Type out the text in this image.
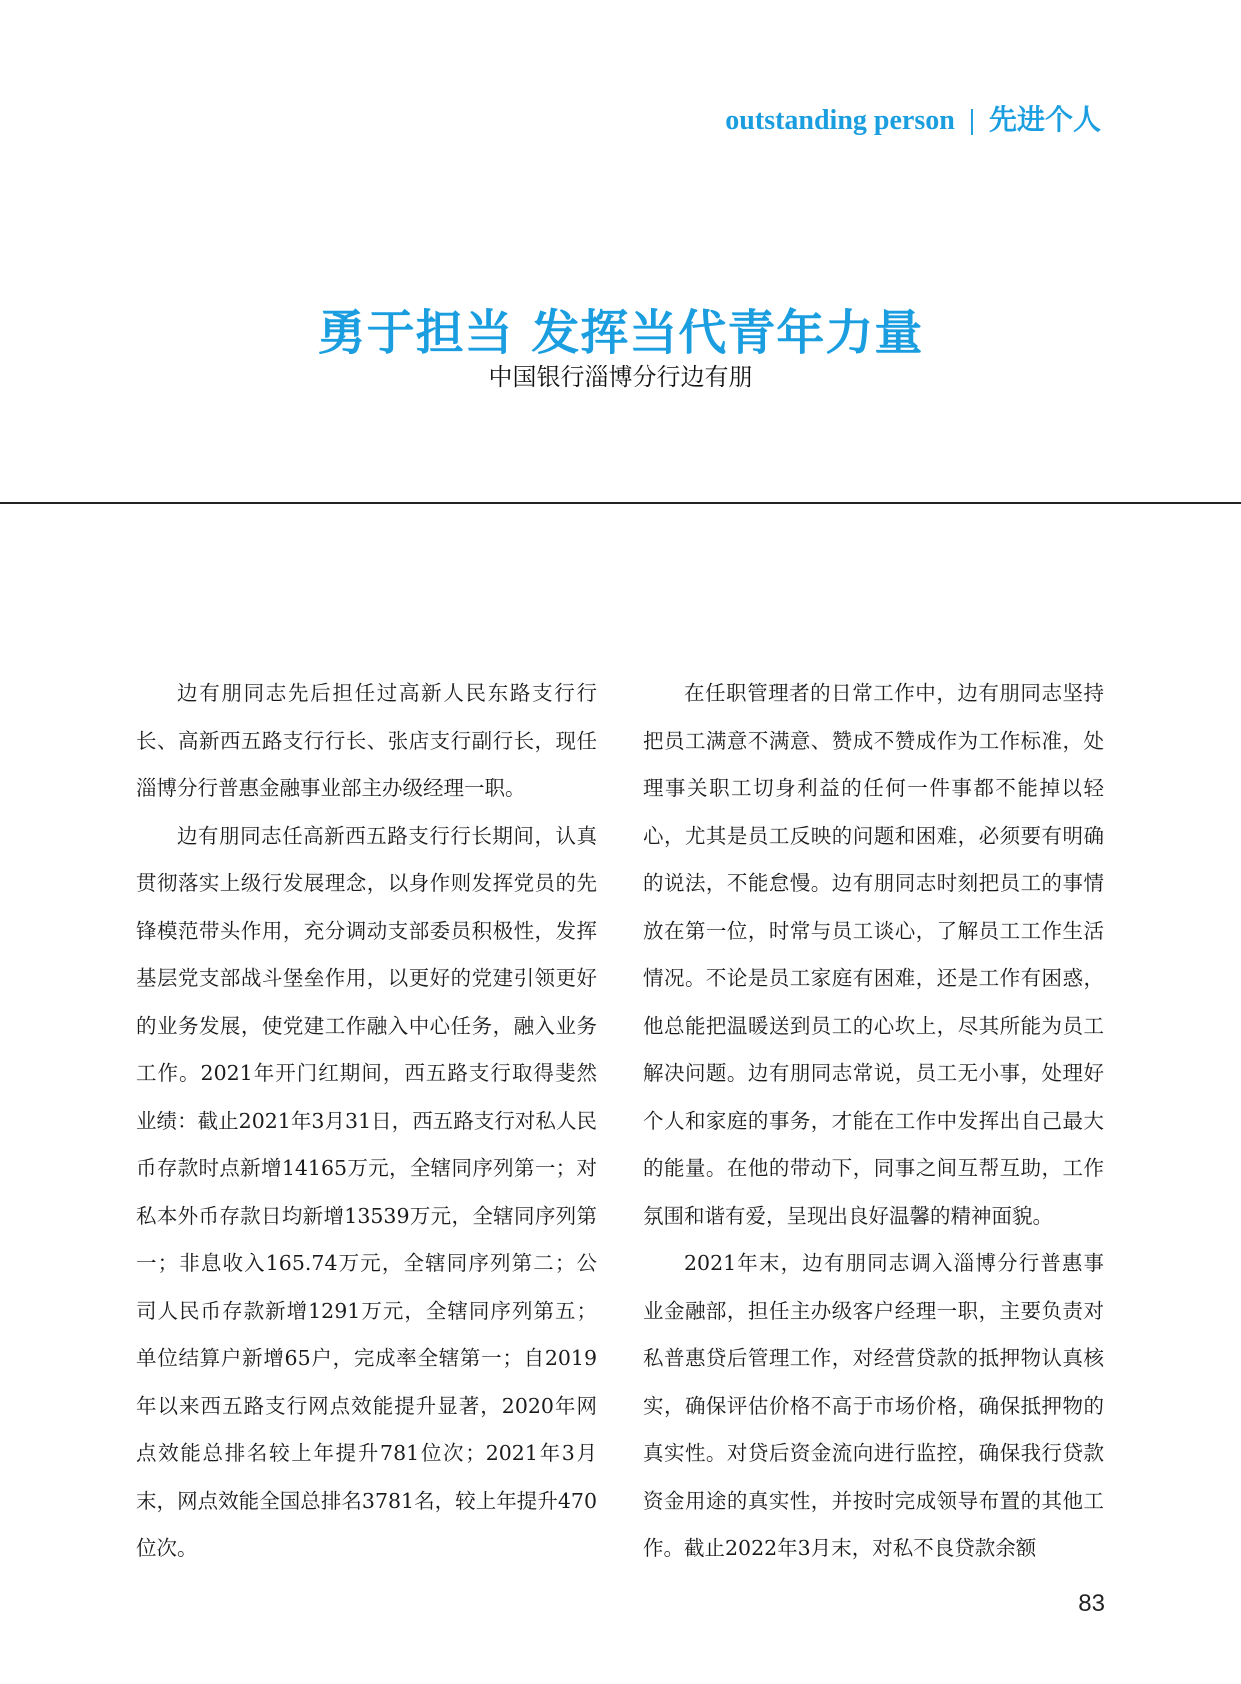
outstanding person | 先进个人
勇于担当 发挥当代青年力量
中国银行淄博分行边有朋

边有朋同志先后担任过高新人民东路支行行长、高新西五路支行行长、张店支行副行长，现任淄博分行普惠金融事业部主办级经理一职。

边有朋同志任高新西五路支行行长期间，认真贯彻落实上级行发展理念，以身作则发挥党员的先锋模范带头作用，充分调动支部委员积极性，发挥基层党支部战斗堡垒作用，以更好的党建引领更好的业务发展，使党建工作融入中心任务，融入业务工作。2021年开门红期间，西五路支行取得斐然业绩：截止2021年3月31日，西五路支行对私人民币存款时点新增14165万元，全辖同序列第一；对私本外币存款日均新增13539万元，全辖同序列第一；非息收入165.74万元，全辖同序列第二；公司人民币存款新增1291万元，全辖同序列第五；单位结算户新增65户，完成率全辖第一；自2019年以来西五路支行网点效能提升显著，2020年网点效能总排名较上年提升781位次；2021年3月末，网点效能全国总排名3781名，较上年提升470位次。

在任职管理者的日常工作中，边有朋同志坚持把员工满意不满意、赞成不赞成作为工作标准，处理事关职工切身利益的任何一件事都不能掉以轻心，尤其是员工反映的问题和困难，必须要有明确的说法，不能怠慢。边有朋同志时刻把员工的事情放在第一位，时常与员工谈心，了解员工工作生活情况。不论是员工家庭有困难，还是工作有困惑，他总能把温暖送到员工的心坎上，尽其所能为员工解决问题。边有朋同志常说，员工无小事，处理好个人和家庭的事务，才能在工作中发挥出自己最大的能量。在他的带动下，同事之间互帮互助，工作氛围和谐有爱，呈现出良好温馨的精神面貌。

2021年末，边有朋同志调入淄博分行普惠事业金融部，担任主办级客户经理一职，主要负责对私普惠贷后管理工作，对经营贷款的抵押物认真核实，确保评估价格不高于市场价格，确保抵押物的真实性。对贷后资金流向进行监控，确保我行贷款资金用途的真实性，并按时完成领导布置的其他工作。截止2022年3月末，对私不良贷款余额

83
